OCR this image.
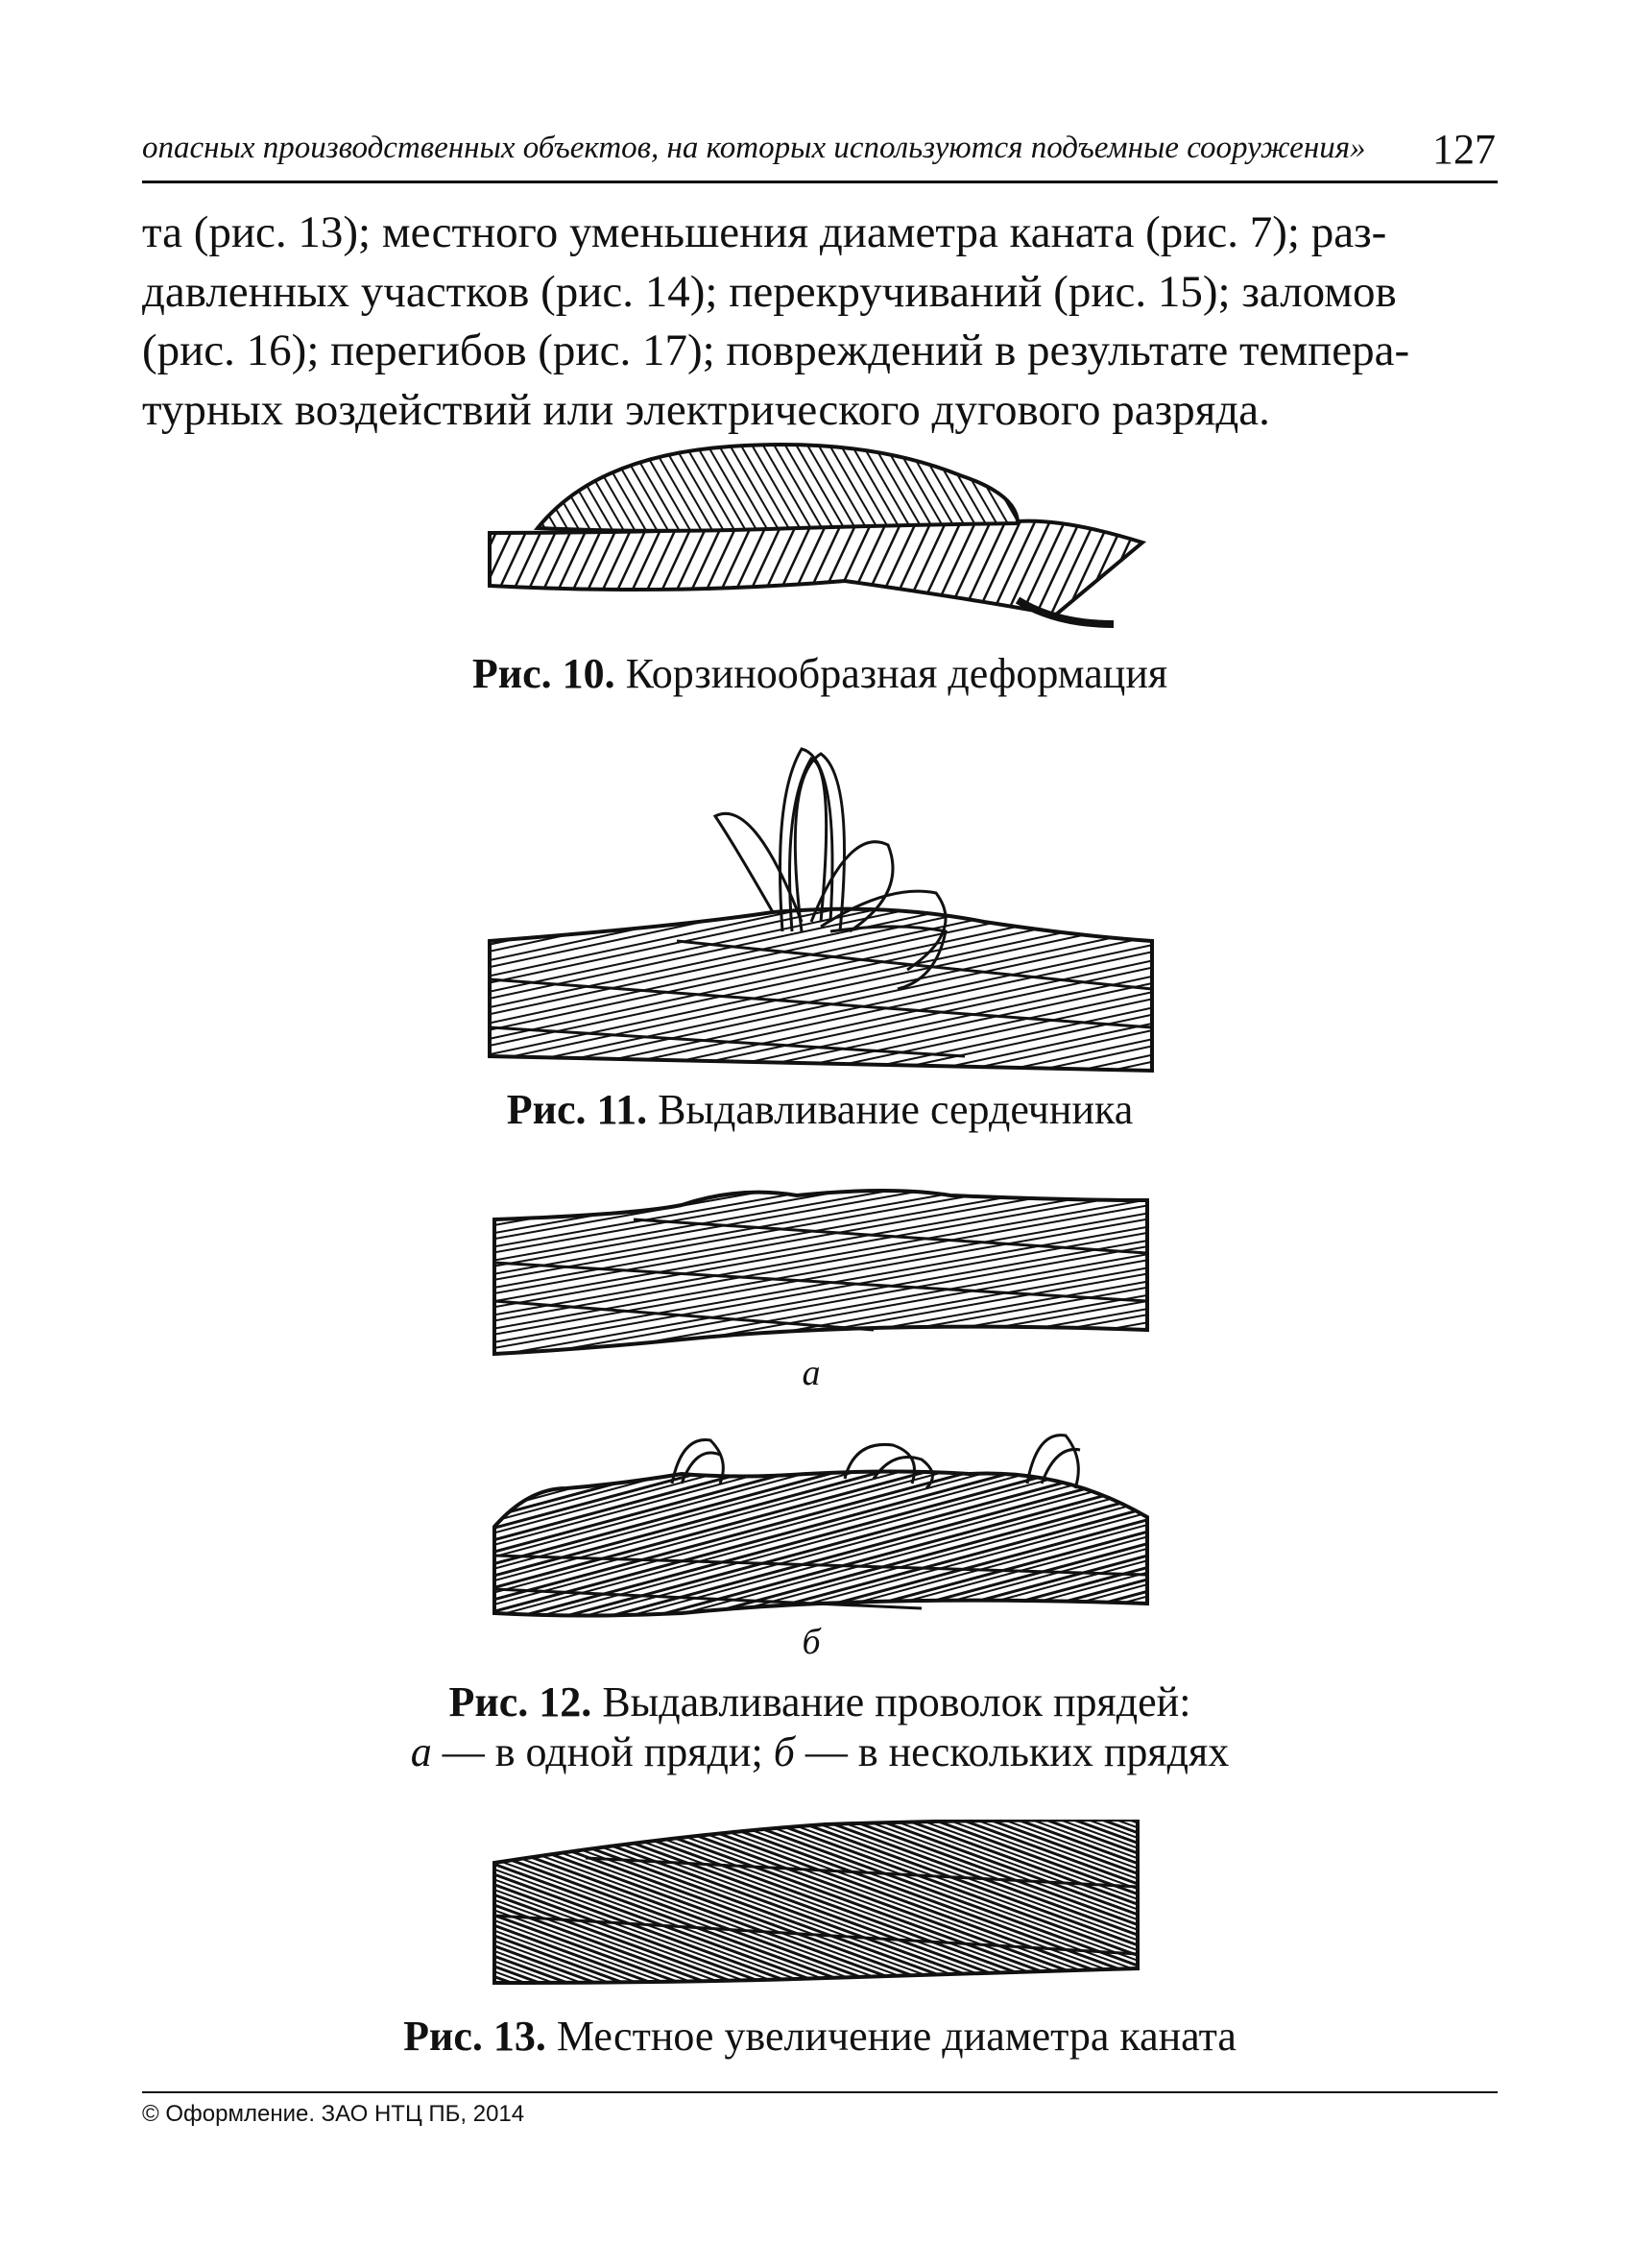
опасных производственных объектов, на которых используются подъемные сооружения»	127
та (рис. 13); местного уменьшения диаметра каната (рис. 7); раз-
давленных участков (рис. 14); перекручиваний (рис. 15); заломов
(рис. 16); перегибов (рис. 17); повреждений в результате темпера-
турных воздействий или электрического дугового разряда.
Рис. 10. Корзинообразная деформация
Рис. 11. Выдавливание сердечника
а
б
Рис. 12. Выдавливание проволок прядей:
а — в одной пряди; б — в нескольких прядях
Рис. 13. Местное увеличение диаметра каната
© Оформление. ЗАО НТЦ ПБ, 2014
